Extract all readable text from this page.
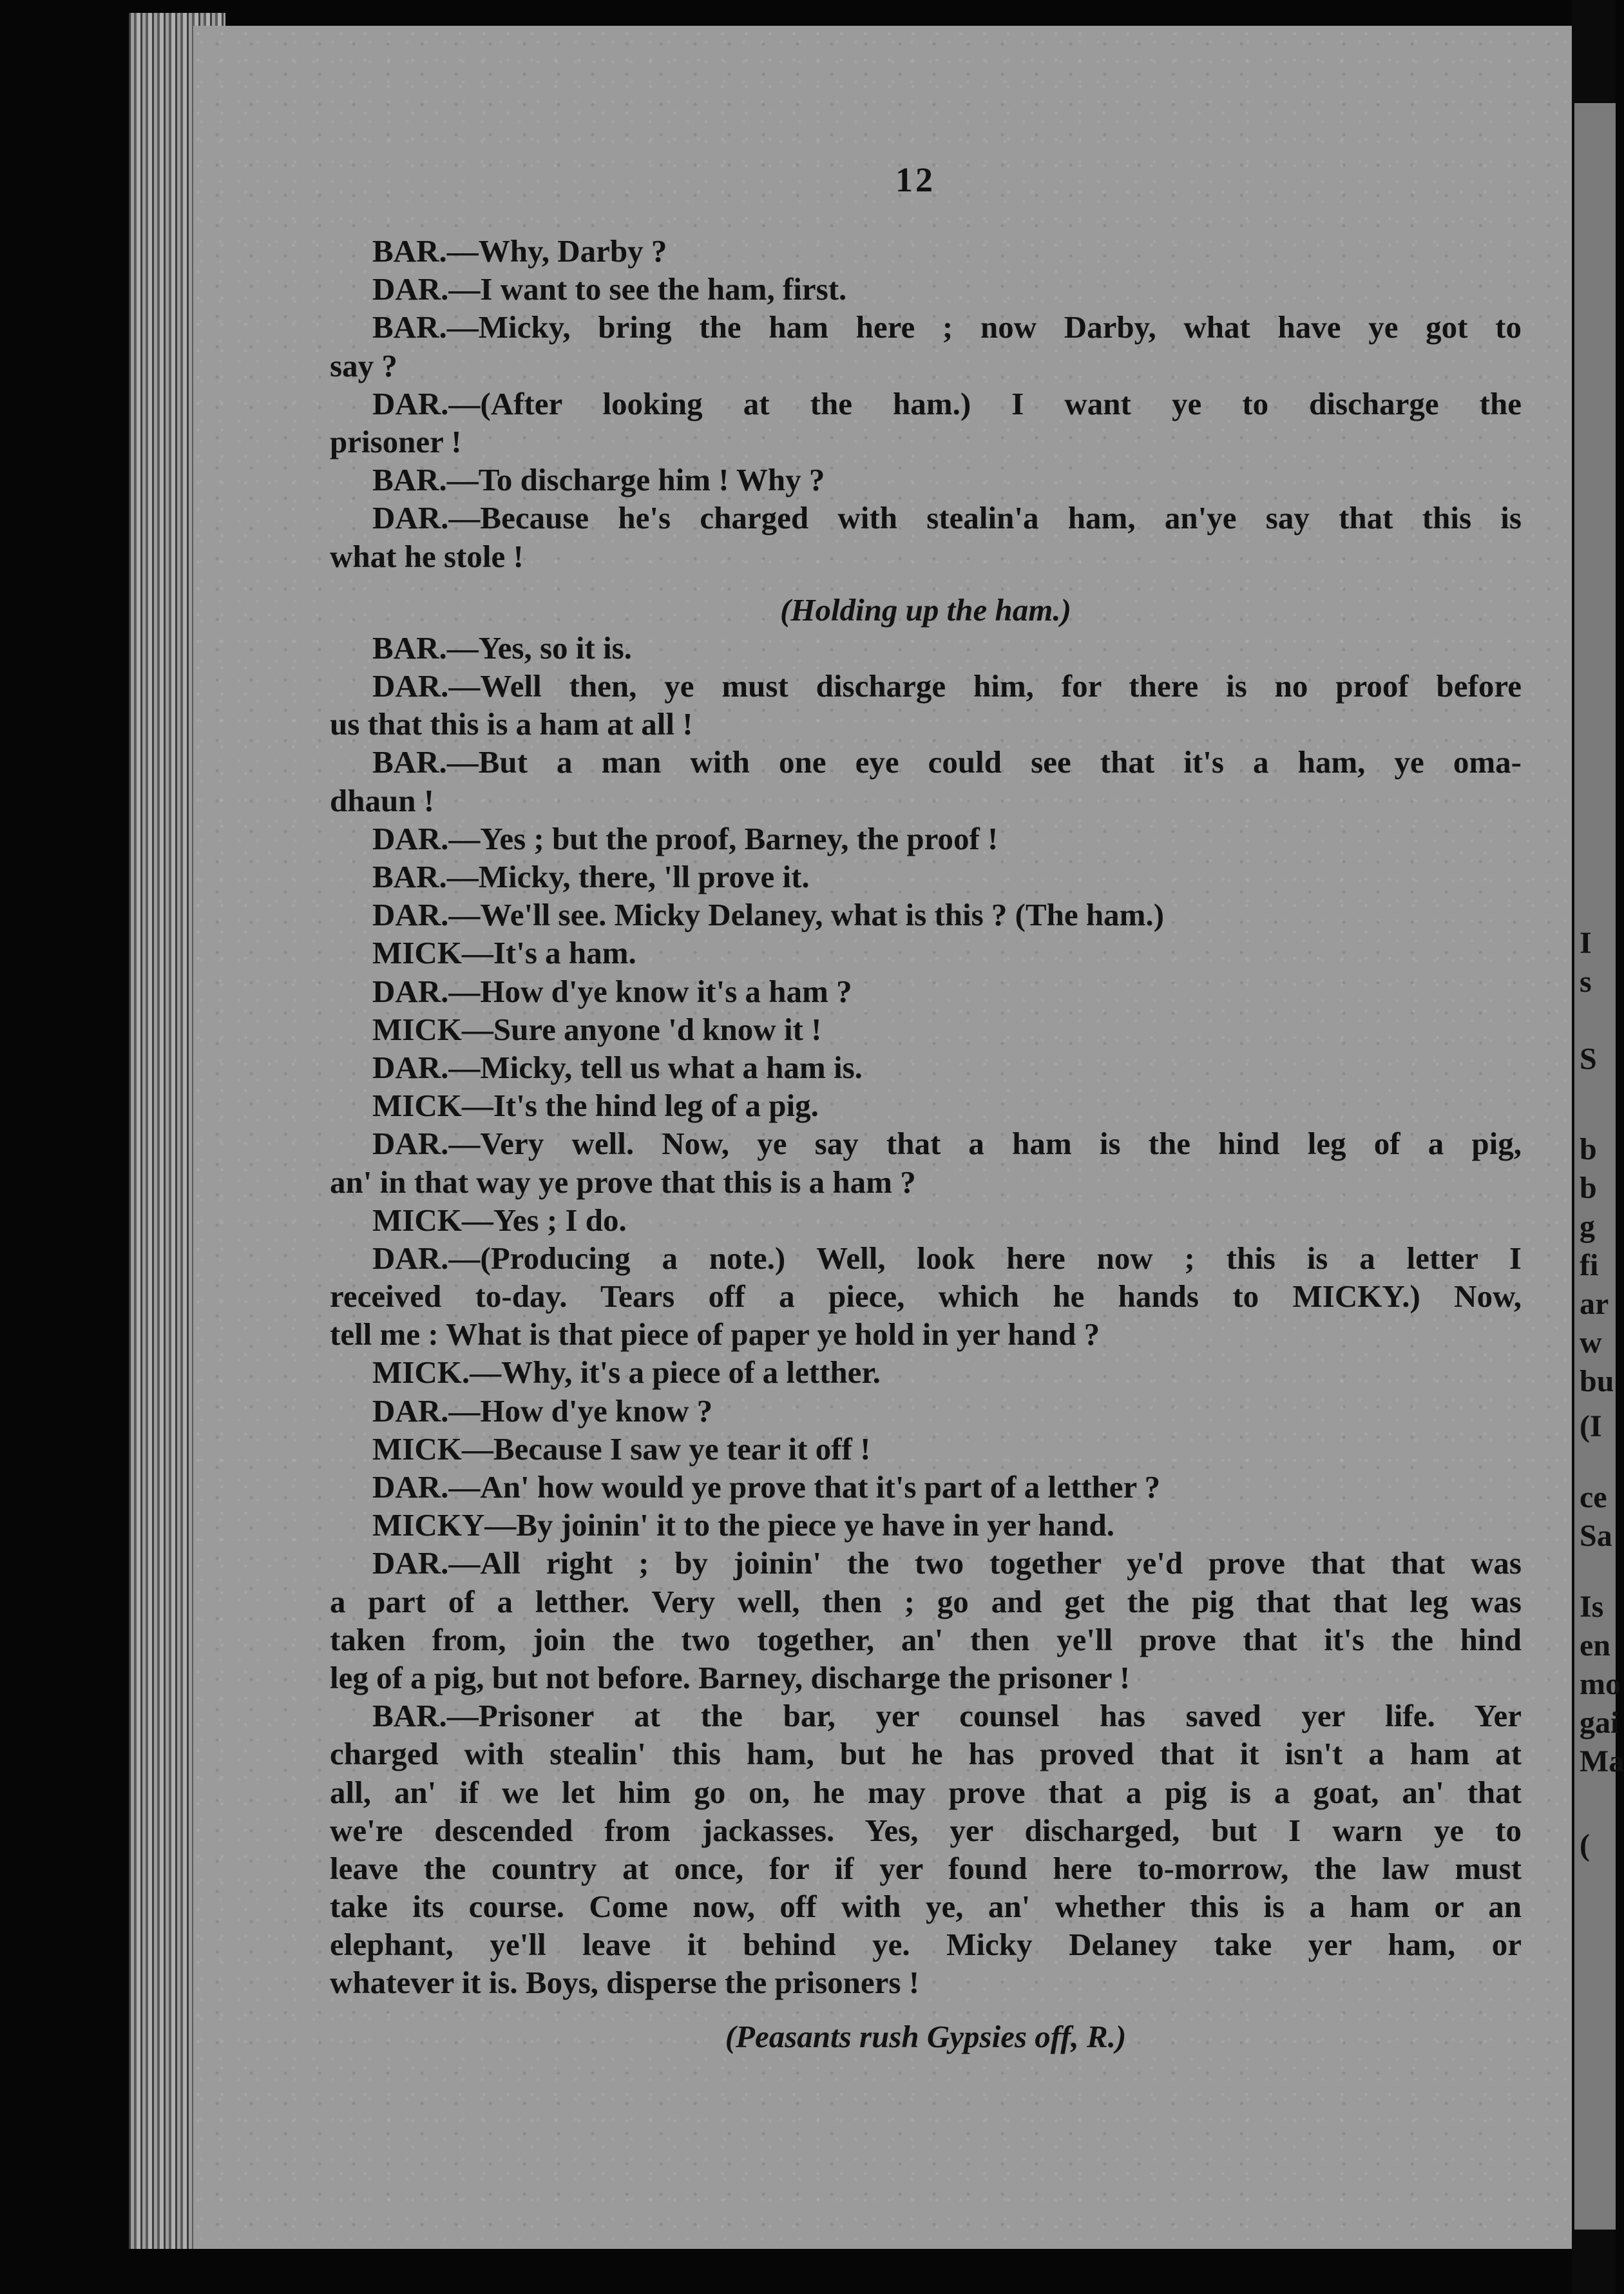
12
BAR.—Why, Darby ?
DAR.—I want to see the ham, first.
BAR.—Micky, bring the ham here ; now Darby, what have ye got to
say ?
DAR.—(After looking at the ham.) I want ye to discharge the
prisoner !
BAR.—To discharge him ! Why ?
DAR.—Because he's charged with stealin'a ham, an'ye say that this is
what he stole !
(Holding up the ham.)
BAR.—Yes, so it is.
DAR.—Well then, ye must discharge him, for there is no proof before
us that this is a ham at all !
BAR.—But a man with one eye could see that it's a ham, ye oma-
dhaun !
DAR.—Yes ; but the proof, Barney, the proof !
BAR.—Micky, there, 'll prove it.
DAR.—We'll see. Micky Delaney, what is this ? (The ham.)
MICK—It's a ham.
DAR.—How d'ye know it's a ham ?
MICK—Sure anyone 'd know it !
DAR.—Micky, tell us what a ham is.
MICK—It's the hind leg of a pig.
DAR.—Very well. Now, ye say that a ham is the hind leg of a pig,
an' in that way ye prove that this is a ham ?
MICK—Yes ; I do.
DAR.—(Producing a note.) Well, look here now ; this is a letter I
received to-day. Tears off a piece, which he hands to MICKY.) Now,
tell me : What is that piece of paper ye hold in yer hand ?
MICK.—Why, it's a piece of a letther.
DAR.—How d'ye know ?
MICK—Because I saw ye tear it off !
DAR.—An' how would ye prove that it's part of a letther ?
MICKY—By joinin' it to the piece ye have in yer hand.
DAR.—All right ; by joinin' the two together ye'd prove that that was
a part of a letther. Very well, then ; go and get the pig that that leg was
taken from, join the two together, an' then ye'll prove that it's the hind
leg of a pig, but not before. Barney, discharge the prisoner !
BAR.—Prisoner at the bar, yer counsel has saved yer life. Yer
charged with stealin' this ham, but he has proved that it isn't a ham at
all, an' if we let him go on, he may prove that a pig is a goat, an' that
we're descended from jackasses. Yes, yer discharged, but I warn ye to
leave the country at once, for if yer found here to-morrow, the law must
take its course. Come now, off with ye, an' whether this is a ham or an
elephant, ye'll leave it behind ye. Micky Delaney take yer ham, or
whatever it is. Boys, disperse the prisoners !
(Peasants rush Gypsies off, R.)
I
s
S
b
b
g
fi
ar
w
bu
(I
ce
Sa
Is
en
mo
gai
Ma
(
